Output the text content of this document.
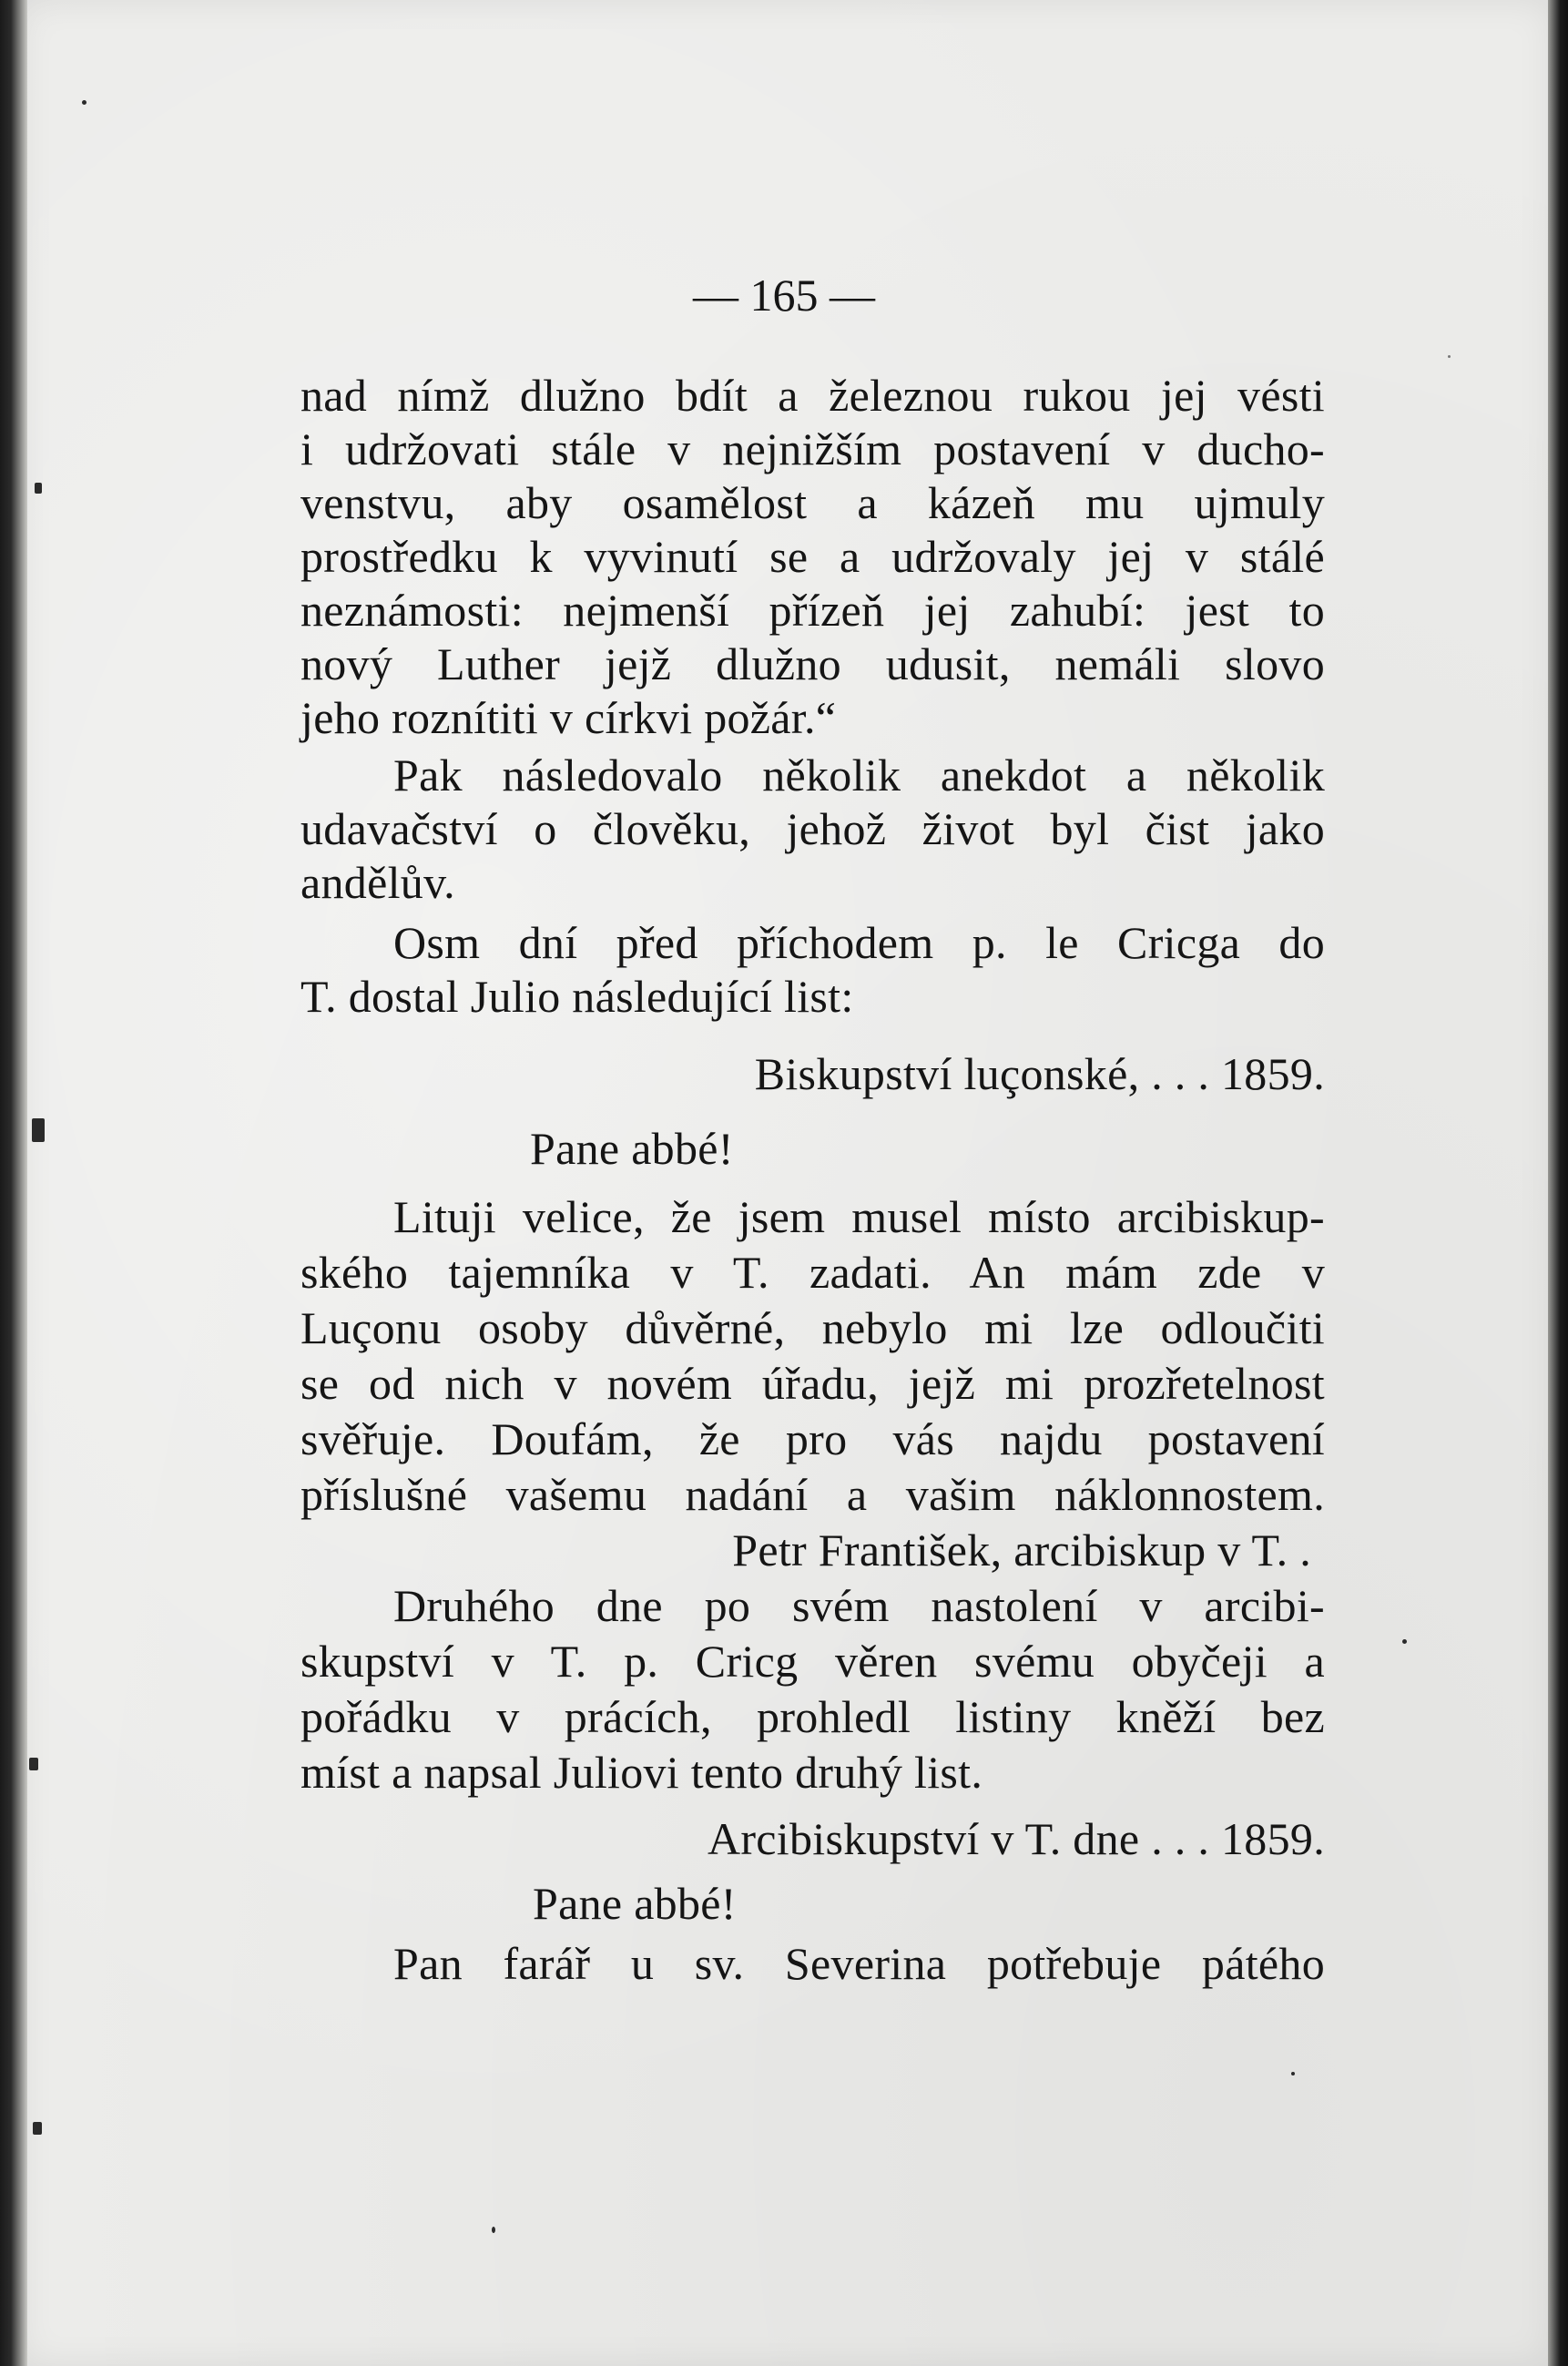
— 165 —
nad nímž dlužno bdít a železnou rukou jej vésti
i udržovati stále v nejnižším postavení v ducho-
venstvu, aby osamělost a kázeň mu ujmuly
prostředku k vyvinutí se a udržovaly jej v stálé
neznámosti: nejmenší přízeň jej zahubí: jest to
nový Luther jejž dlužno udusit, nemáli slovo
jeho roznítiti v církvi požár.“
Pak následovalo několik anekdot a několik
udavačství o člověku, jehož život byl čist jako
andělův.
Osm dní před příchodem p. le Cricga do
T. dostal Julio následující list:
Biskupství luçonské, . . . 1859.
Pane abbé!
Lituji velice, že jsem musel místo arcibiskup-
ského tajemníka v T. zadati. An mám zde v
Luçonu osoby důvěrné, nebylo mi lze odloučiti
se od nich v novém úřadu, jejž mi prozřetelnost
svěřuje. Doufám, že pro vás najdu postavení
příslušné vašemu nadání a vašim náklonnostem.
Petr František, arcibiskup v T. .
Druhého dne po svém nastolení v arcibi-
skupství v T. p. Cricg věren svému obyčeji a
pořádku v prácích, prohledl listiny kněží bez
míst a napsal Juliovi tento druhý list.
Arcibiskupství v T. dne . . . 1859.
Pane abbé!
Pan farář u sv. Severina potřebuje pátého
